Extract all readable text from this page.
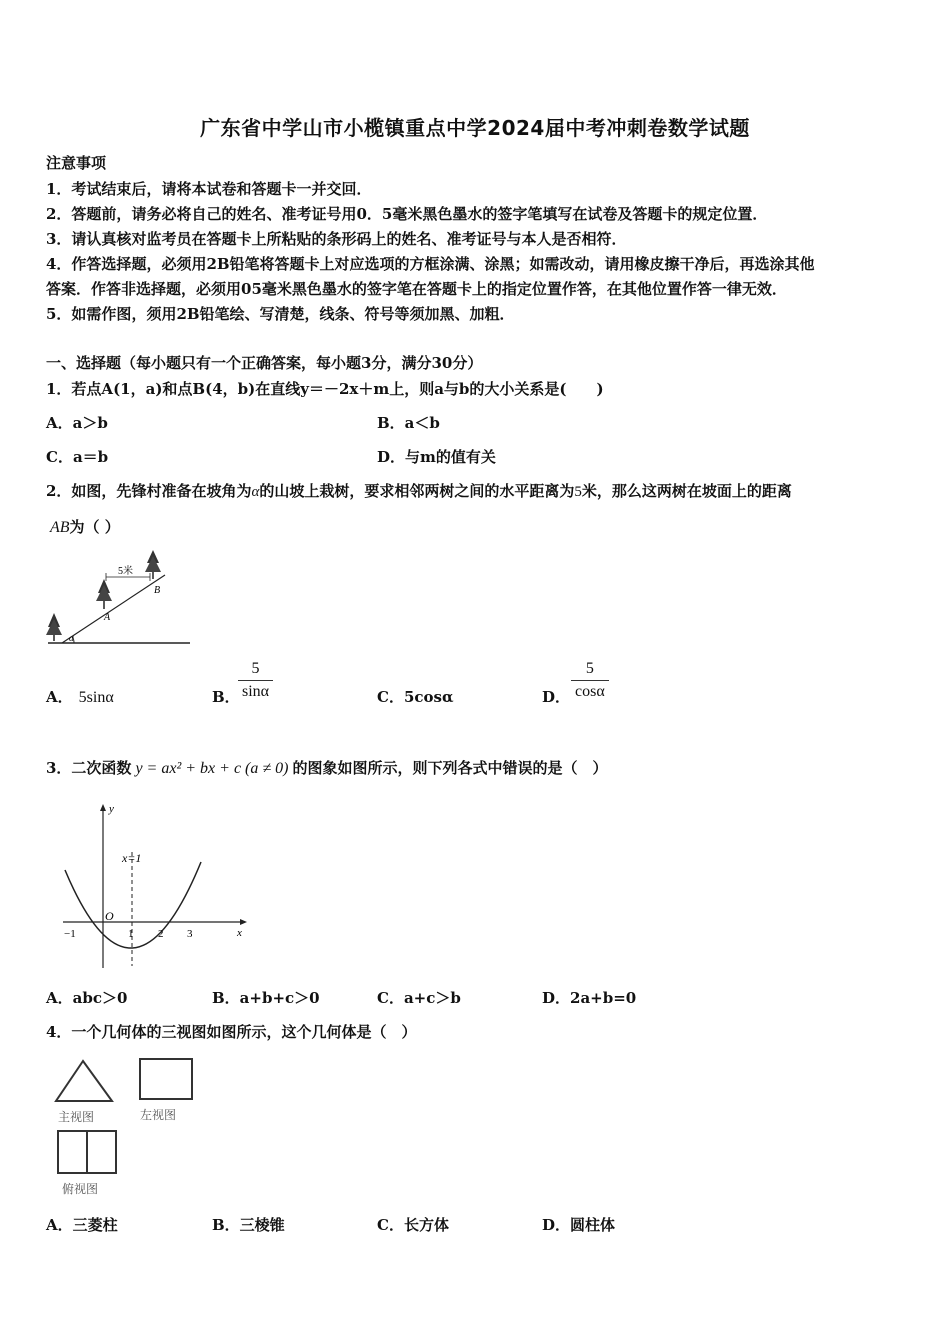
广东省中学山市小榄镇重点中学2024届中考冲刺卷数学试题
注意事项
1．考试结束后，请将本试卷和答题卡一并交回．
2．答题前，请务必将自己的姓名、准考证号用0．5毫米黑色墨水的签字笔填写在试卷及答题卡的规定位置．
3．请认真核对监考员在答题卡上所粘贴的条形码上的姓名、准考证号与本人是否相符．
4．作答选择题，必须用2B铅笔将答题卡上对应选项的方框涂满、涂黑；如需改动，请用橡皮擦干净后，再选涂其他
答案．作答非选择题，必须用05毫米黑色墨水的签字笔在答题卡上的指定位置作答，在其他位置作答一律无效．
5．如需作图，须用2B铅笔绘、写清楚，线条、符号等须加黑、加粗．
一、选择题（每小题只有一个正确答案，每小题3分，满分30分）
1．若点A(1，a)和点B(4，b)在直线y＝－2x＋m上，则a与b的大小关系是(　　)
A．a＞b	B．a＜b
C．a＝b	D．与m的值有关
2．如图，先锋村准备在坡角为α的山坡上栽树，要求相邻两树之间的水平距离为5米，那么这两树在坡面上的距离
AB为（ ）
α
5米
A
B
A． 5sinα	B．
5
sinα	C．5cosα	D．
5
cosα
3．二次函数 y = ax² + bx + c (a ≠ 0) 的图象如图所示，则下列各式中错误的是（　）
y
x
x=1
O
−1	1 2 3
A．abc＞0	B．a+b+c＞0	C．a+c＞b	D．2a+b=0
4．一个几何体的三视图如图所示，这个几何体是（　）
主视图	左视图
俯视图
A．三菱柱	B．三棱锥	C．长方体	D．圆柱体
